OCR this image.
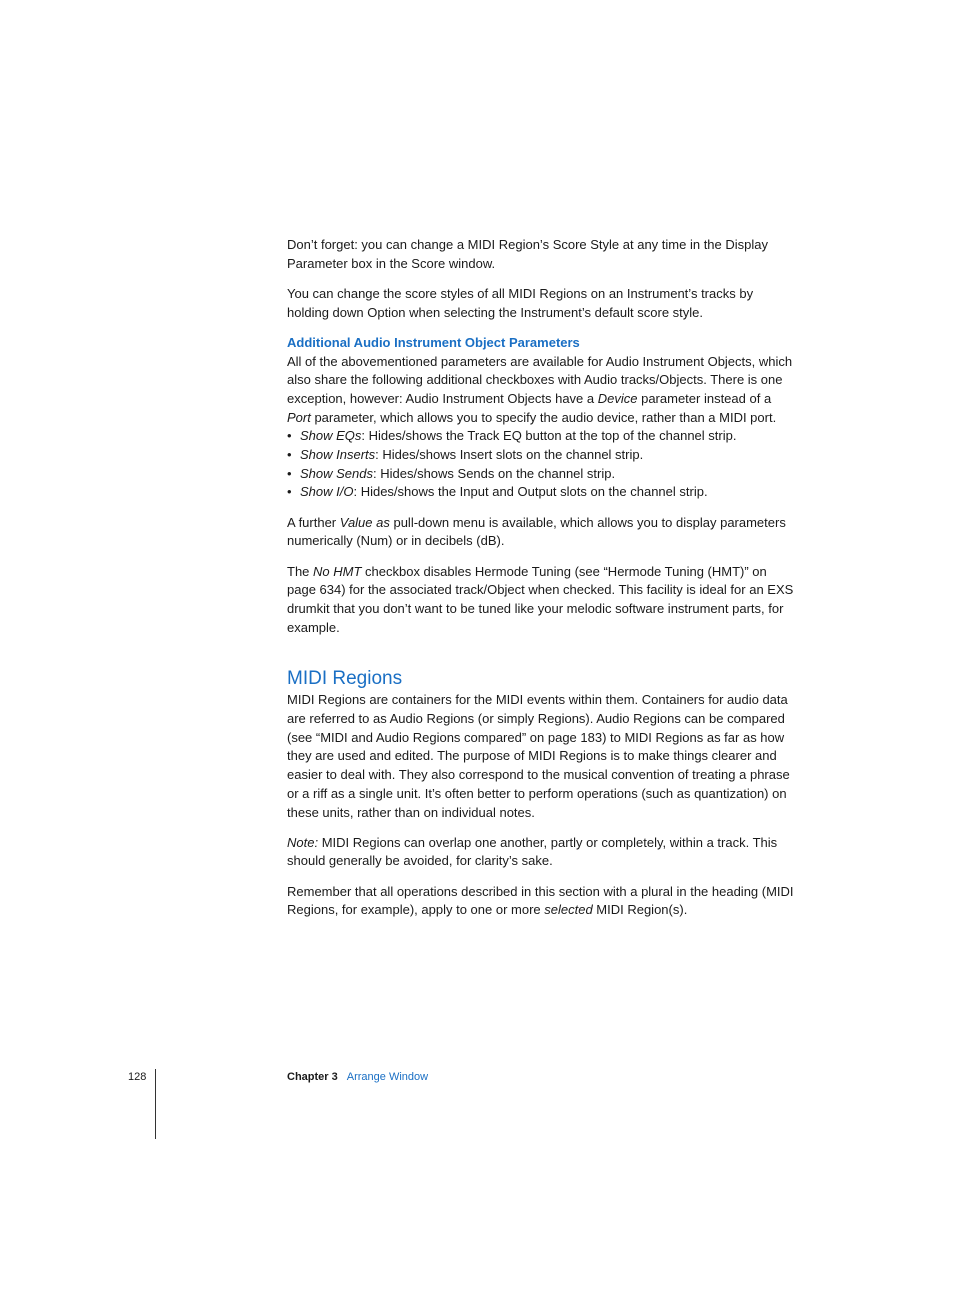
Don’t forget: you can change a MIDI Region’s Score Style at any time in the Display Parameter box in the Score window.

You can change the score styles of all MIDI Regions on an Instrument’s tracks by holding down Option when selecting the Instrument’s default score style.

Additional Audio Instrument Object Parameters

All of the abovementioned parameters are available for Audio Instrument Objects, which also share the following additional checkboxes with Audio tracks/Objects. There is one exception, however: Audio Instrument Objects have a Device parameter instead of a Port parameter, which allows you to specify the audio device, rather than a MIDI port.

• Show EQs: Hides/shows the Track EQ button at the top of the channel strip.
• Show Inserts: Hides/shows Insert slots on the channel strip.
• Show Sends: Hides/shows Sends on the channel strip.
• Show I/O: Hides/shows the Input and Output slots on the channel strip.

A further Value as pull-down menu is available, which allows you to display parameters numerically (Num) or in decibels (dB).

The No HMT checkbox disables Hermode Tuning (see “Hermode Tuning (HMT)” on page 634) for the associated track/Object when checked. This facility is ideal for an EXS drumkit that you don’t want to be tuned like your melodic software instrument parts, for example.

MIDI Regions

MIDI Regions are containers for the MIDI events within them. Containers for audio data are referred to as Audio Regions (or simply Regions). Audio Regions can be compared (see “MIDI and Audio Regions compared” on page 183) to MIDI Regions as far as how they are used and edited. The purpose of MIDI Regions is to make things clearer and easier to deal with. They also correspond to the musical convention of treating a phrase or a riff as a single unit. It’s often better to perform operations (such as quantization) on these units, rather than on individual notes.

Note: MIDI Regions can overlap one another, partly or completely, within a track. This should generally be avoided, for clarity’s sake.

Remember that all operations described in this section with a plural in the heading (MIDI Regions, for example), apply to one or more selected MIDI Region(s).

128	Chapter 3 Arrange Window
